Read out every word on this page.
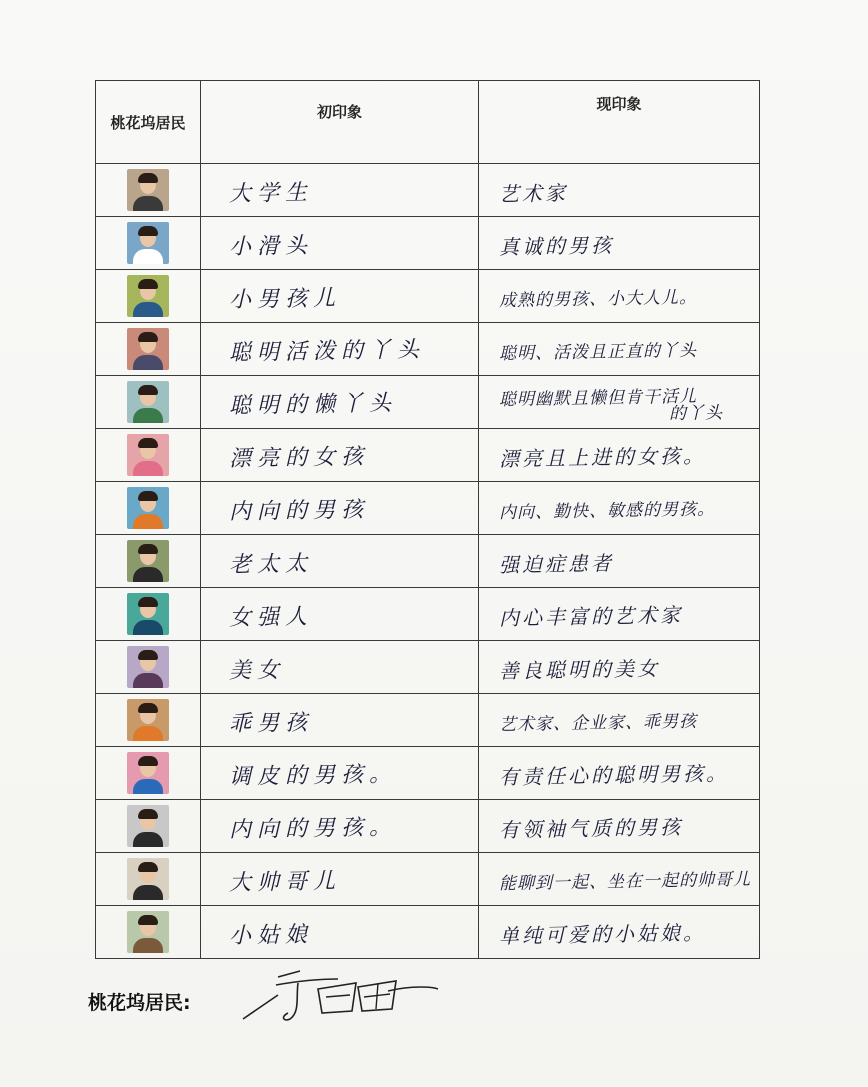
桃花坞居民	初印象	现印象

	大学生	艺术家

	小滑头	真诚的男孩

	小男孩儿	成熟的男孩、小大人儿。

	聪明活泼的丫头	聪明、活泼且正直的丫头

	聪明的懒丫头	聪明幽默且懒但肯干活儿
的丫头

	漂亮的女孩	漂亮且上进的女孩。

	内向的男孩	内向、勤快、敏感的男孩。

	老太太	强迫症患者

	女强人	内心丰富的艺术家

	美女	善良聪明的美女

	乖男孩	艺术家、企业家、乖男孩

	调皮的男孩。	有责任心的聪明男孩。

	内向的男孩。	有领袖气质的男孩

	大帅哥儿	能聊到一起、坐在一起的帅哥儿

	小姑娘	单纯可爱的小姑娘。
桃花坞居民:
